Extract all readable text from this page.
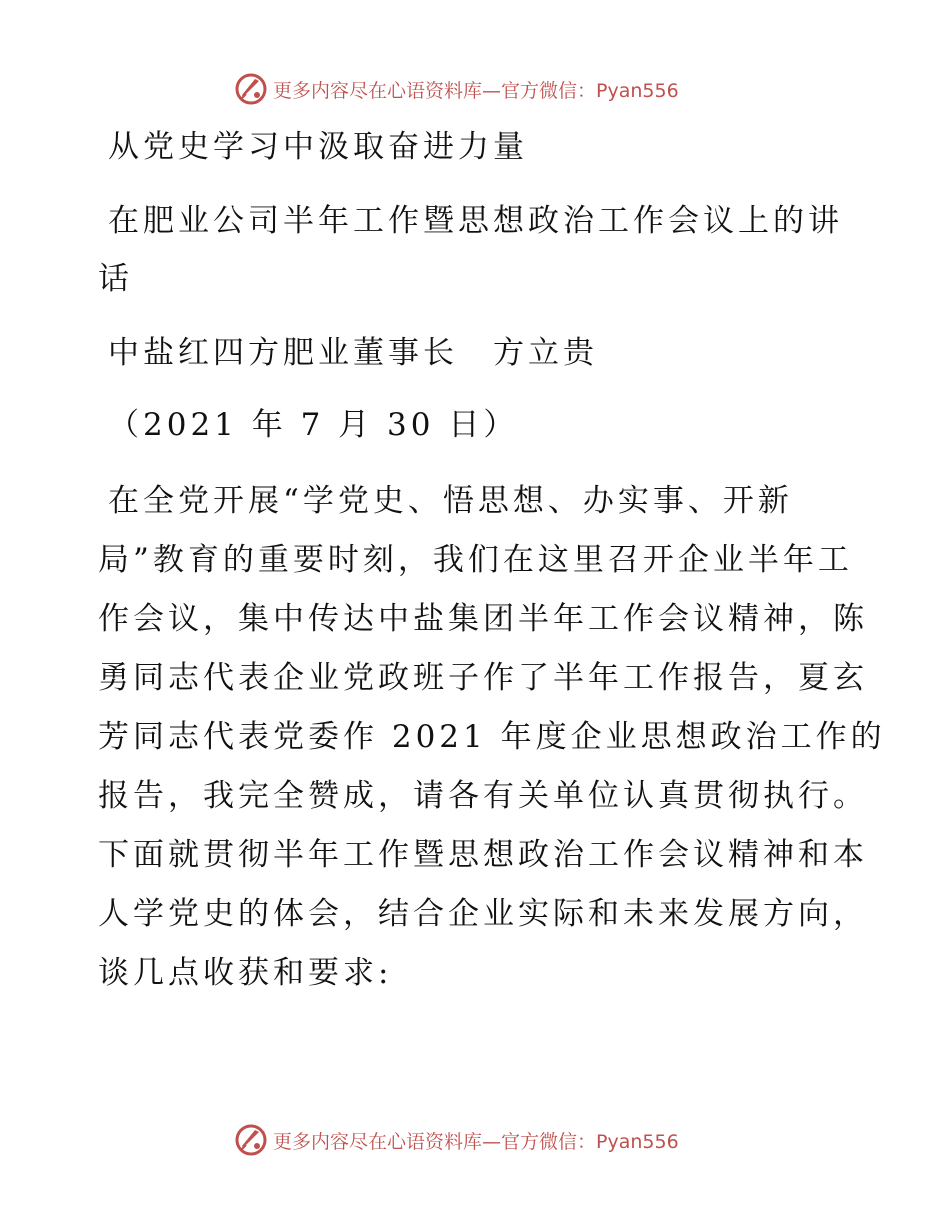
更多内容尽在心语资料库—官方微信：Pyan556
从党史学习中汲取奋进力量
在肥业公司半年工作暨思想政治工作会议上的讲
话
中盐红四方肥业董事长　方立贵
（2021 年 7 月 30 日）
在全党开展“学党史、悟思想、办实事、开新
局”教育的重要时刻，我们在这里召开企业半年工
作会议，集中传达中盐集团半年工作会议精神，陈
勇同志代表企业党政班子作了半年工作报告，夏玄
芳同志代表党委作 2021 年度企业思想政治工作的
报告，我完全赞成，请各有关单位认真贯彻执行。
下面就贯彻半年工作暨思想政治工作会议精神和本
人学党史的体会，结合企业实际和未来发展方向，
谈几点收获和要求:
更多内容尽在心语资料库—官方微信：Pyan556
